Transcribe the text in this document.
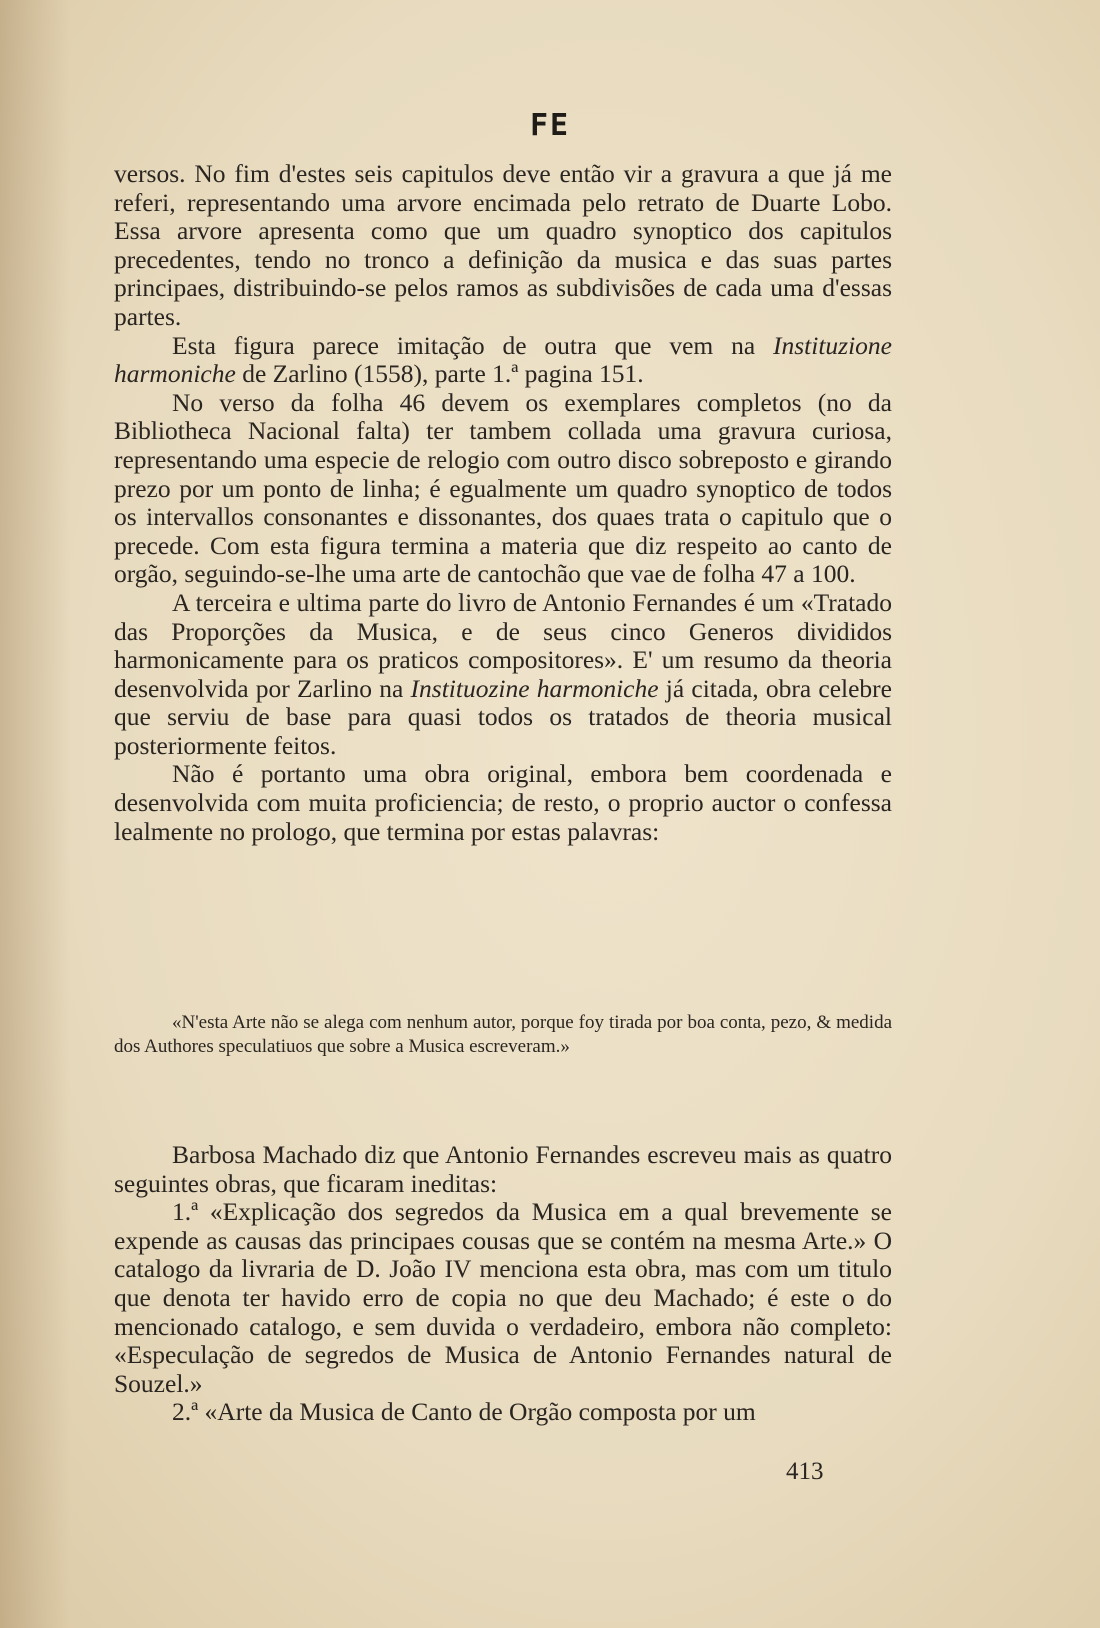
FE

versos. No fim d'estes seis capitulos deve então vir a gravura a que já me referi, representando uma arvore encimada pelo retrato de Duarte Lobo. Essa arvore apresenta como que um quadro synoptico dos capitulos precedentes, tendo no tronco a definição da musica e das suas partes principaes, distribuindo-se pelos ramos as subdivisões de cada uma d'essas partes.

Esta figura parece imitação de outra que vem na Instituzione harmoniche de Zarlino (1558), parte 1.ª pagina 151.

No verso da folha 46 devem os exemplares completos (no da Bibliotheca Nacional falta) ter tambem collada uma gravura curiosa, representando uma especie de relogio com outro disco sobreposto e girando prezo por um ponto de linha; é egualmente um quadro synoptico de todos os intervallos consonantes e dissonantes, dos quaes trata o capitulo que o precede. Com esta figura termina a materia que diz respeito ao canto de orgão, seguindo-se-lhe uma arte de cantochão que vae de folha 47 a 100.

A terceira e ultima parte do livro de Antonio Fernandes é um «Tratado das Proporções da Musica, e de seus cinco Generos divididos harmonicamente para os praticos compositores». E' um resumo da theoria desenvolvida por Zarlino na Instituozine harmoniche já citada, obra celebre que serviu de base para quasi todos os tratados de theoria musical posteriormente feitos.

Não é portanto uma obra original, embora bem coordenada e desenvolvida com muita proficiencia; de resto, o proprio auctor o confessa lealmente no prologo, que termina por estas palavras:

«N'esta Arte não se alega com nenhum autor, porque foy tirada por boa conta, pezo, & medida dos Authores speculatiuos que sobre a Musica escreveram.»

Barbosa Machado diz que Antonio Fernandes escreveu mais as quatro seguintes obras, que ficaram ineditas:

1.ª «Explicação dos segredos da Musica em a qual brevemente se expende as causas das principaes cousas que se contém na mesma Arte.» O catalogo da livraria de D. João IV menciona esta obra, mas com um titulo que denota ter havido erro de copia no que deu Machado; é este o do mencionado catalogo, e sem duvida o verdadeiro, embora não completo: «Especulação de segredos de Musica de Antonio Fernandes natural de Souzel.»

2.ª «Arte da Musica de Canto de Orgão composta por um

413
